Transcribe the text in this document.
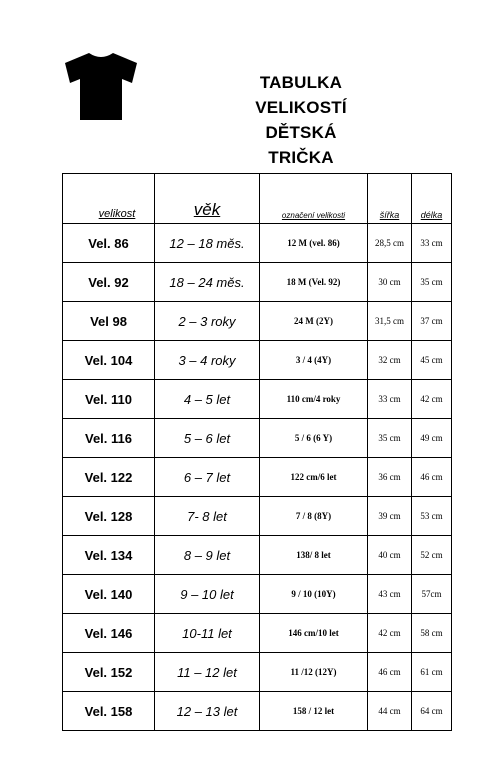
TABULKA
VELIKOSTÍ
DĚTSKÁ
TRIČKA
velikost	věk	označení velikosti	šířka	délka
Vel. 86	12 – 18 měs.	12 M (vel. 86)	28,5 cm	33 cm
Vel. 92	18 – 24 měs.	18 M (Vel. 92)	30 cm	35 cm
Vel 98	2 – 3 roky	24 M (2Y)	31,5 cm	37 cm
Vel. 104	3 – 4 roky	3 / 4 (4Y)	32 cm	45 cm
Vel. 110	4 – 5 let	110 cm/4 roky	33 cm	42 cm
Vel. 116	5 – 6 let	5 / 6 (6 Y)	35 cm	49 cm
Vel. 122	6 – 7 let	122 cm/6 let	36 cm	46 cm
Vel. 128	7- 8 let	7 / 8 (8Y)	39 cm	53 cm
Vel. 134	8 – 9 let	138/ 8 let	40 cm	52 cm
Vel. 140	9 – 10 let	9 / 10 (10Y)	43 cm	57cm
Vel. 146	10-11 let	146 cm/10 let	42 cm	58 cm
Vel. 152	11 – 12 let	11 /12 (12Y)	46 cm	61 cm
Vel. 158	12 – 13 let	158 / 12 let	44 cm	64 cm
